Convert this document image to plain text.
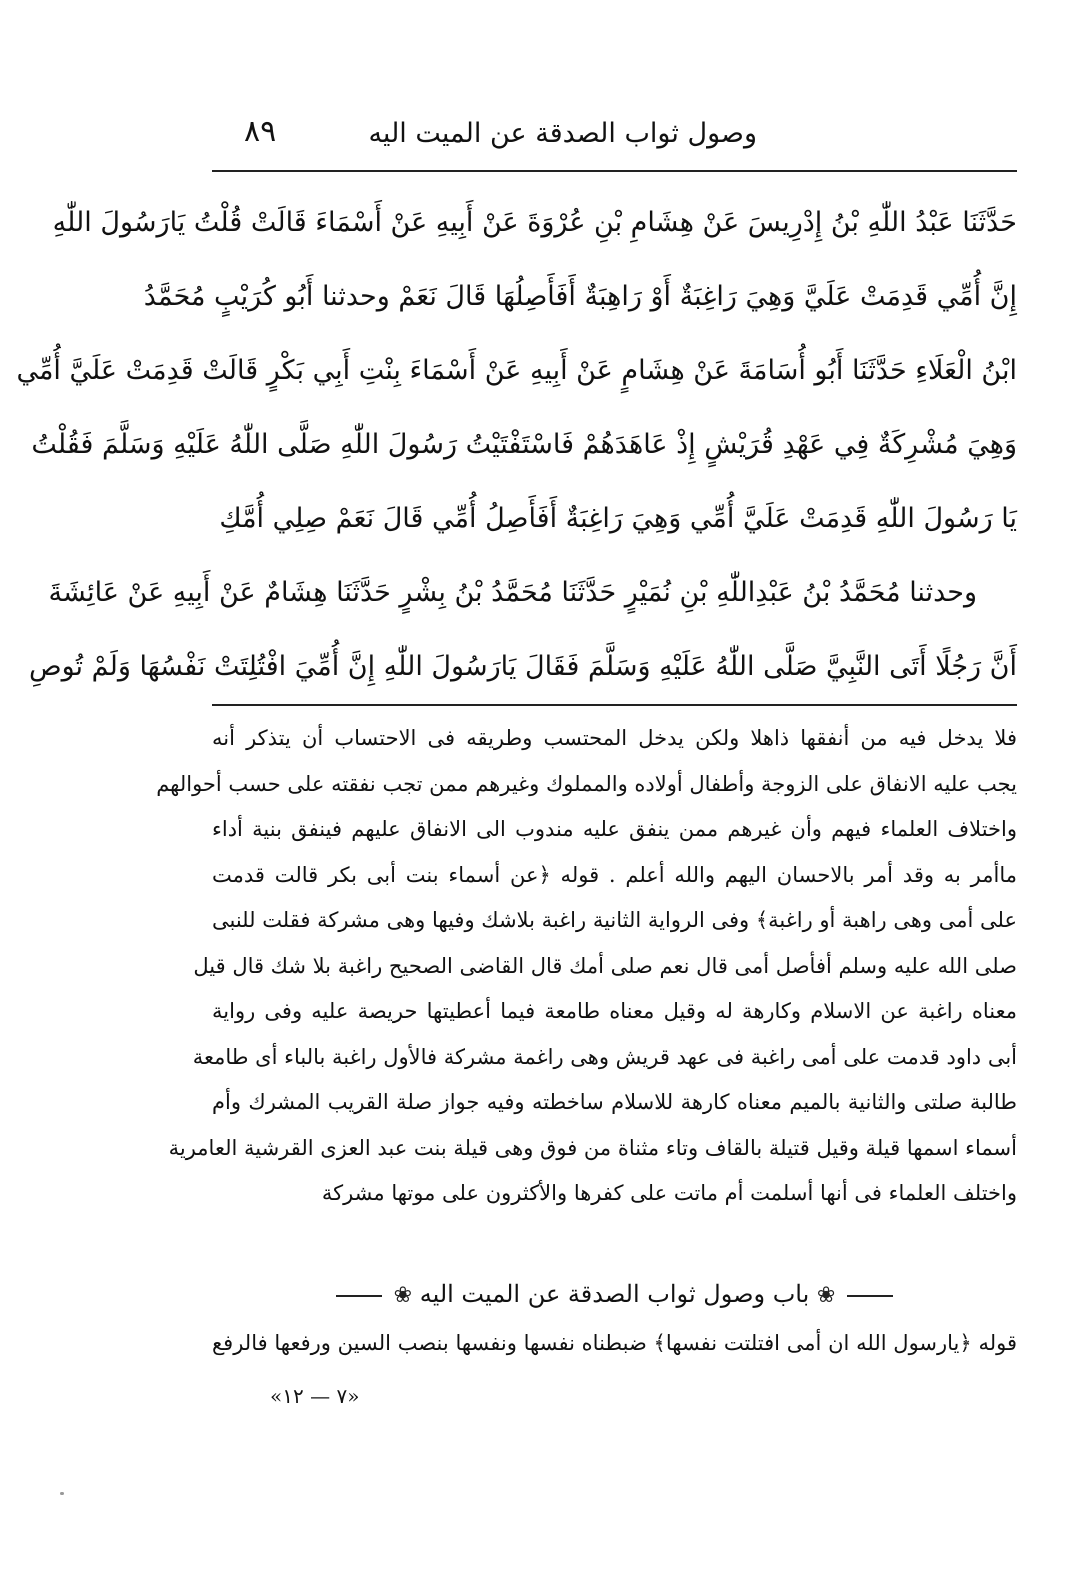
وصول ثواب الصدقة عن الميت اليه
٨٩
حَدَّثَنَا عَبْدُ اللّٰهِ بْنُ إِدْرِيسَ عَنْ هِشَامِ بْنِ عُرْوَةَ عَنْ أَبِيهِ عَنْ أَسْمَاءَ قَالَتْ قُلْتُ يَارَسُولَ اللّٰهِ
إِنَّ أُمِّي قَدِمَتْ عَلَيَّ وَهِيَ رَاغِبَةٌ أَوْ رَاهِبَةٌ أَفَأَصِلُهَا قَالَ نَعَمْ وحدثنا أَبُو كُرَيْبٍ مُحَمَّدُ
ابْنُ الْعَلَاءِ حَدَّثَنَا أَبُو أُسَامَةَ عَنْ هِشَامٍ عَنْ أَبِيهِ عَنْ أَسْمَاءَ بِنْتِ أَبِي بَكْرٍ قَالَتْ قَدِمَتْ عَلَيَّ أُمِّي
وَهِيَ مُشْرِكَةٌ فِي عَهْدِ قُرَيْشٍ إِذْ عَاهَدَهُمْ فَاسْتَفْتَيْتُ رَسُولَ اللّٰهِ صَلَّى اللّٰهُ عَلَيْهِ وَسَلَّمَ فَقُلْتُ
يَا رَسُولَ اللّٰهِ قَدِمَتْ عَلَيَّ أُمِّي وَهِيَ رَاغِبَةٌ أَفَأَصِلُ أُمِّي قَالَ نَعَمْ صِلِي أُمَّكِ
وحدثنا مُحَمَّدُ بْنُ عَبْدِاللّٰهِ بْنِ نُمَيْرٍ حَدَّثَنَا مُحَمَّدُ بْنُ بِشْرٍ حَدَّثَنَا هِشَامٌ عَنْ أَبِيهِ عَنْ عَائِشَةَ
أَنَّ رَجُلًا أَتَى النَّبِيَّ صَلَّى اللّٰهُ عَلَيْهِ وَسَلَّمَ فَقَالَ يَارَسُولَ اللّٰهِ إِنَّ أُمِّيَ افْتُلِتَتْ نَفْسُهَا وَلَمْ تُوصِ
فلا يدخل فيه من أنفقها ذاهلا ولكن يدخل المحتسب وطريقه فى الاحتساب أن يتذكر أنه
يجب عليه الانفاق على الزوجة وأطفال أولاده والمملوك وغيرهم ممن تجب نفقته على حسب أحوالهم
واختلاف العلماء فيهم وأن غيرهم ممن ينفق عليه مندوب الى الانفاق عليهم فينفق بنية أداء
ماأمر به وقد أمر بالاحسان اليهم والله أعلم . قوله ﴿عن أسماء بنت أبى بكر قالت قدمت
على أمى وهى راهبة أو راغبة﴾ وفى الرواية الثانية راغبة بلاشك وفيها وهى مشركة فقلت للنبى
صلى الله عليه وسلم أفأصل أمى قال نعم صلى أمك قال القاضى الصحيح راغبة بلا شك قال قيل
معناه راغبة عن الاسلام وكارهة له وقيل معناه طامعة فيما أعطيتها حريصة عليه وفى رواية
أبى داود قدمت على أمى راغبة فى عهد قريش وهى راغمة مشركة فالأول راغبة بالباء أى طامعة
طالبة صلتى والثانية بالميم معناه كارهة للاسلام ساخطته وفيه جواز صلة القريب المشرك وأم
أسماء اسمها قيلة وقيل قتيلة بالقاف وتاء مثناة من فوق وهى قيلة بنت عبد العزى القرشية العامرية
واختلف العلماء فى أنها أسلمت أم ماتت على كفرها والأكثرون على موتها مشركة
❀ باب وصول ثواب الصدقة عن الميت اليه ❀
قوله ﴿يارسول الله ان أمى افتلتت نفسها﴾ ضبطناه نفسها ونفسها بنصب السين ورفعها فالرفع
«٧ — ١٢»
